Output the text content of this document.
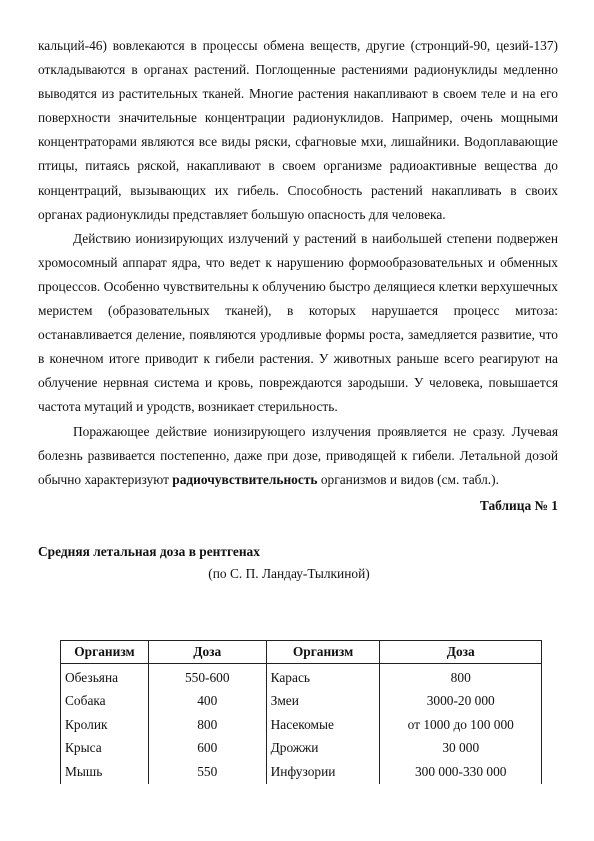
кальций-46) вовлекаются в процессы обмена веществ, другие (стронций-90, цезий-137) откладываются в органах растений. Поглощенные растениями радионуклиды медленно выводятся из растительных тканей. Многие растения накапливают в своем теле и на его поверхности значительные концентрации радионуклидов. Например, очень мощными концентраторами являются все виды ряски, сфагновые мхи, лишайники. Водоплавающие птицы, питаясь ряской, накапливают в своем организме радиоактивные вещества до концентраций, вызывающих их гибель. Способность растений накапливать в своих органах радионуклиды представляет большую опасность для человека.

Действию ионизирующих излучений у растений в наибольшей степени подвержен хромосомный аппарат ядра, что ведет к нарушению формообразовательных и обменных процессов. Особенно чувствительны к облучению быстро делящиеся клетки верхушечных меристем (образовательных тканей), в которых нарушается процесс митоза: останавливается деление, появляются уродливые формы роста, замедляется развитие, что в конечном итоге приводит к гибели растения. У животных раньше всего реагируют на облучение нервная система и кровь, повреждаются зародыши. У человека, повышается частота мутаций и уродств, возникает стерильность.

Поражающее действие ионизирующего излучения проявляется не сразу. Лучевая болезнь развивается постепенно, даже при дозе, приводящей к гибели. Летальной дозой обычно характеризуют радиочувствительность организмов и видов (см. табл.).

Таблица № 1
Средняя летальная доза в рентгенах
(по С. П. Ландау-Тылкиной)
Организм	Доза	Организм	Доза
Обезьяна	550-600	Карась	800
Собака	400	Змеи	3000-20 000
Кролик	800	Насекомые	от 1000 до 100 000
Крыса	600	Дрожжи	30 000
Мышь	550	Инфузории	300 000-330 000
